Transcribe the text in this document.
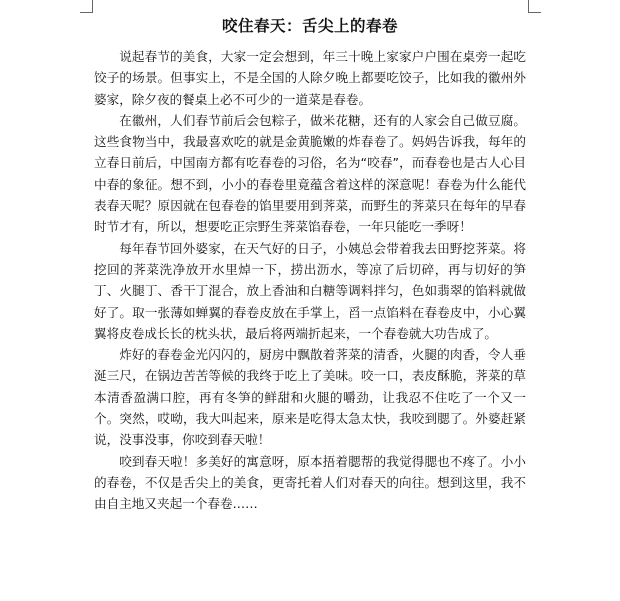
咬住春天：舌尖上的春卷

说起春节的美食，大家一定会想到，年三十晚上家家户户围在桌旁一起吃饺子的场景。但事实上，不是全国的人除夕晚上都要吃饺子，比如我的徽州外婆家，除夕夜的餐桌上必不可少的一道菜是春卷。

在徽州，人们春节前后会包粽子，做米花糖，还有的人家会自己做豆腐。这些食物当中，我最喜欢吃的就是金黄脆嫩的炸春卷了。妈妈告诉我，每年的立春日前后，中国南方都有吃春卷的习俗，名为“咬春”，而春卷也是古人心目中春的象征。想不到，小小的春卷里竟蕴含着这样的深意呢！春卷为什么能代表春天呢？原因就在包春卷的馅里要用到荠菜，而野生的荠菜只在每年的早春时节才有，所以，想要吃正宗野生荠菜馅春卷，一年只能吃一季呀！

每年春节回外婆家，在天气好的日子，小姨总会带着我去田野挖荠菜。将挖回的荠菜洗净放开水里焯一下，捞出沥水，等凉了后切碎，再与切好的笋丁、火腿丁、香干丁混合，放上香油和白糖等调料拌匀，色如翡翠的馅料就做好了。取一张薄如蝉翼的春卷皮放在手掌上，舀一点馅料在春卷皮中，小心翼翼将皮卷成长长的枕头状，最后将两端折起来，一个春卷就大功告成了。

炸好的春卷金光闪闪的，厨房中飘散着荠菜的清香，火腿的肉香，令人垂涎三尺，在锅边苦苦等候的我终于吃上了美味。咬一口，表皮酥脆，荠菜的草本清香盈满口腔，再有冬笋的鲜甜和火腿的嚼劲，让我忍不住吃了一个又一个。突然，哎呦，我大叫起来，原来是吃得太急太快，我咬到腮了。外婆赶紧说，没事没事，你咬到春天啦！

咬到春天啦！多美好的寓意呀，原本捂着腮帮的我觉得腮也不疼了。小小的春卷，不仅是舌尖上的美食，更寄托着人们对春天的向往。想到这里，我不由自主地又夹起一个春卷……
